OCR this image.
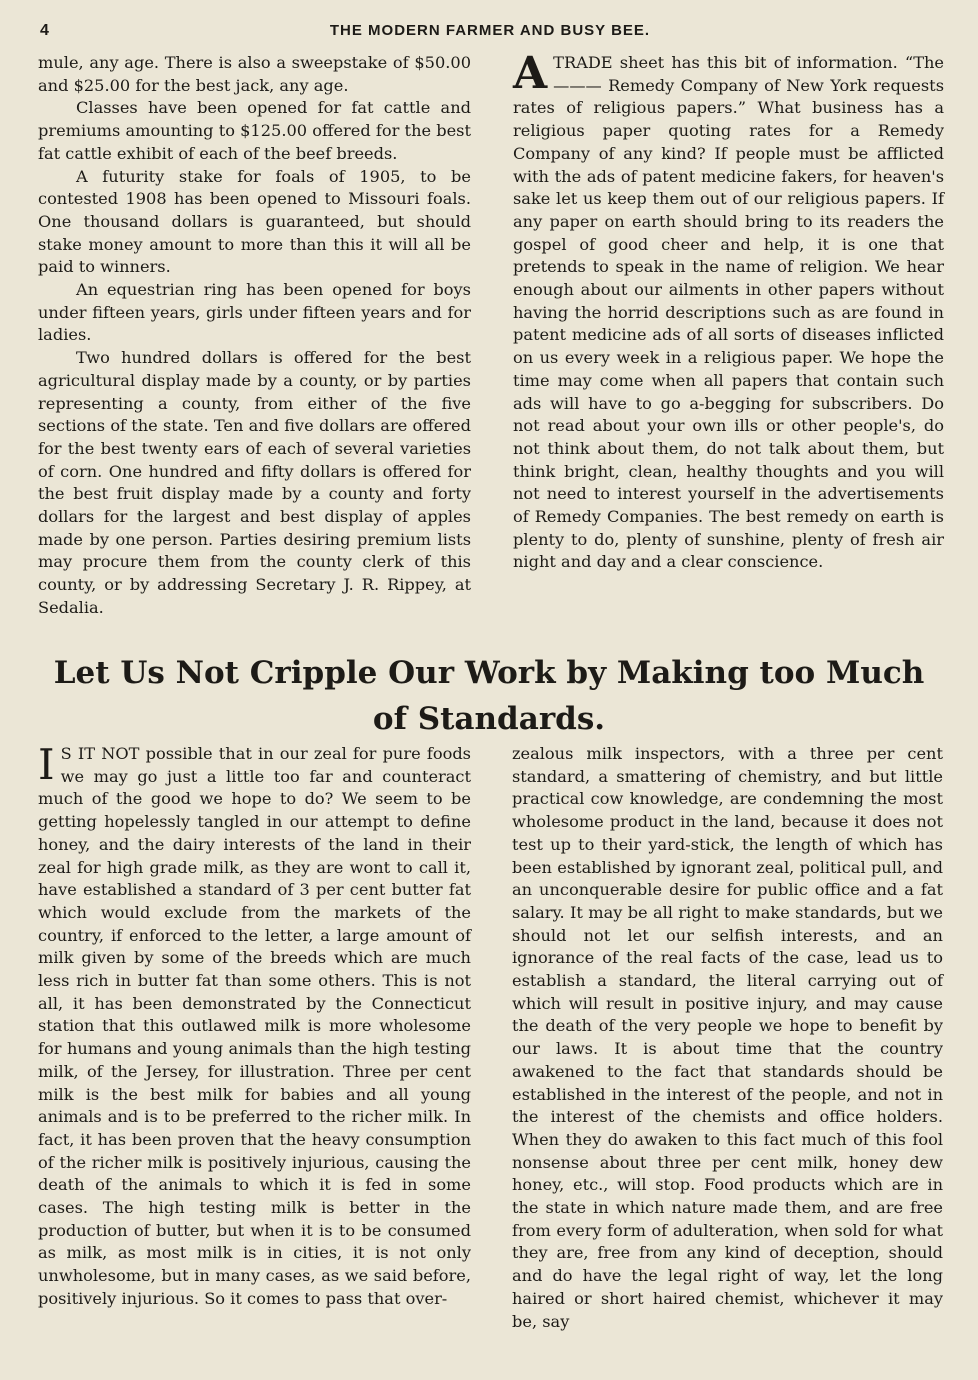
4	THE MODERN FARMER AND BUSY BEE.

mule, any age. There is also a sweepstake of $50.00 and $25.00 for the best jack, any age.

Classes have been opened for fat cattle and premiums amounting to $125.00 offered for the best fat cattle exhibit of each of the beef breeds.

A futurity stake for foals of 1905, to be contested 1908 has been opened to Missouri foals. One thousand dollars is guaranteed, but should stake money amount to more than this it will all be paid to winners.

An equestrian ring has been opened for boys under fifteen years, girls under fifteen years and for ladies.

Two hundred dollars is offered for the best agricultural display made by a county, or by parties representing a county, from either of the five sections of the state. Ten and five dollars are offered for the best twenty ears of each of several varieties of corn. One hundred and fifty dollars is offered for the best fruit display made by a county and forty dollars for the largest and best display of apples made by one person. Parties desiring premium lists may procure them from the county clerk of this county, or by addressing Secretary J. R. Rippey, at Sedalia.

A TRADE sheet has this bit of information. “The ——— Remedy Company of New York requests rates of religious papers.” What business has a religious paper quoting rates for a Remedy Company of any kind? If people must be afflicted with the ads of patent medicine fakers, for heaven's sake let us keep them out of our religious papers. If any paper on earth should bring to its readers the gospel of good cheer and help, it is one that pretends to speak in the name of religion. We hear enough about our ailments in other papers without having the horrid descriptions such as are found in patent medicine ads of all sorts of diseases inflicted on us every week in a religious paper. We hope the time may come when all papers that contain such ads will have to go a-begging for subscribers. Do not read about your own ills or other people's, do not think about them, do not talk about them, but think bright, clean, healthy thoughts and you will not need to interest yourself in the advertisements of Remedy Companies. The best remedy on earth is plenty to do, plenty of sunshine, plenty of fresh air night and day and a clear conscience.

Let Us Not Cripple Our Work by Making too Much
of Standards.
I S IT NOT possible that in our zeal for pure foods we may go just a little too far and counteract much of the good we hope to do? We seem to be getting hopelessly tangled in our attempt to define honey, and the dairy interests of the land in their zeal for high grade milk, as they are wont to call it, have established a standard of 3 per cent butter fat which would exclude from the markets of the country, if enforced to the letter, a large amount of milk given by some of the breeds which are much less rich in butter fat than some others. This is not all, it has been demonstrated by the Connecticut station that this outlawed milk is more wholesome for humans and young animals than the high testing milk, of the Jersey, for illustration. Three per cent milk is the best milk for babies and all young animals and is to be preferred to the richer milk. In fact, it has been proven that the heavy consumption of the richer milk is positively injurious, causing the death of the animals to which it is fed in some cases. The high testing milk is better in the production of butter, but when it is to be consumed as milk, as most milk is in cities, it is not only unwholesome, but in many cases, as we said before, positively injurious. So it comes to pass that over-

zealous milk inspectors, with a three per cent standard, a smattering of chemistry, and but little practical cow knowledge, are condemning the most wholesome product in the land, because it does not test up to their yard-stick, the length of which has been established by ignorant zeal, political pull, and an unconquerable desire for public office and a fat salary. It may be all right to make standards, but we should not let our selfish interests, and an ignorance of the real facts of the case, lead us to establish a standard, the literal carrying out of which will result in positive injury, and may cause the death of the very people we hope to benefit by our laws. It is about time that the country awakened to the fact that standards should be established in the interest of the people, and not in the interest of the chemists and office holders. When they do awaken to this fact much of this fool nonsense about three per cent milk, honey dew honey, etc., will stop. Food products which are in the state in which nature made them, and are free from every form of adulteration, when sold for what they are, free from any kind of deception, should and do have the legal right of way, let the long haired or short haired chemist, whichever it may be, say
